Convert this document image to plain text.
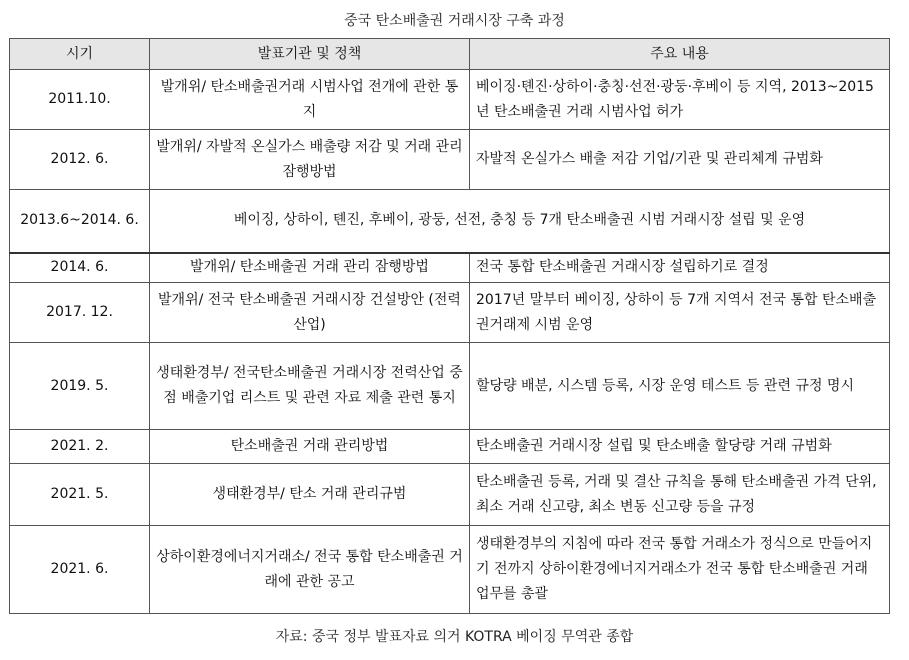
중국 탄소배출권 거래시장 구축 과정
시기	발표기관 및 정책	주요 내용
2011.10.	발개위/ 탄소배출권거래 시범사업 전개에 관한 통지	베이징·톈진·상하이·충칭·선전·광둥·후베이 등 지역, 2013~2015년 탄소배출권 거래 시범사업 허가
2012. 6.	발개위/ 자발적 온실가스 배출량 저감 및 거래 관리 잠행방법	자발적 온실가스 배출 저감 기업/기관 및 관리체계 규범화
2013.6~2014. 6.	베이징, 상하이, 톈진, 후베이, 광둥, 선전, 충칭 등 7개 탄소배출권 시범 거래시장 설립 및 운영	
2014. 6.	발개위/ 탄소배출권 거래 관리 잠행방법	전국 통합 탄소배출권 거래시장 설립하기로 결정
2017. 12.	발개위/ 전국 탄소배출권 거래시장 건설방안 (전력산업)	2017년 말부터 베이징, 상하이 등 7개 지역서 전국 통합 탄소배출권거래제 시범 운영
2019. 5.	생태환경부/ 전국탄소배출권 거래시장 전력산업 중점 배출기업 리스트 및 관련 자료 제출 관련 통지	할당량 배분, 시스템 등록, 시장 운영 테스트 등 관련 규정 명시
2021. 2.	탄소배출권 거래 관리방법	탄소배출권 거래시장 설립 및 탄소배출 할당량 거래 규범화
2021. 5.	생태환경부/ 탄소 거래 관리규범	탄소배출권 등록, 거래 및 결산 규칙을 통해 탄소배출권 가격 단위, 최소 거래 신고량, 최소 변동 신고량 등을 규정
2021. 6.	상하이환경에너지거래소/ 전국 통합 탄소배출권 거래에 관한 공고	생태환경부의 지침에 따라 전국 통합 거래소가 정식으로 만들어지기 전까지 상하이환경에너지거래소가 전국 통합 탄소배출권 거래 업무를 총괄
자료: 중국 정부 발표자료 의거 KOTRA 베이징 무역관 종합
